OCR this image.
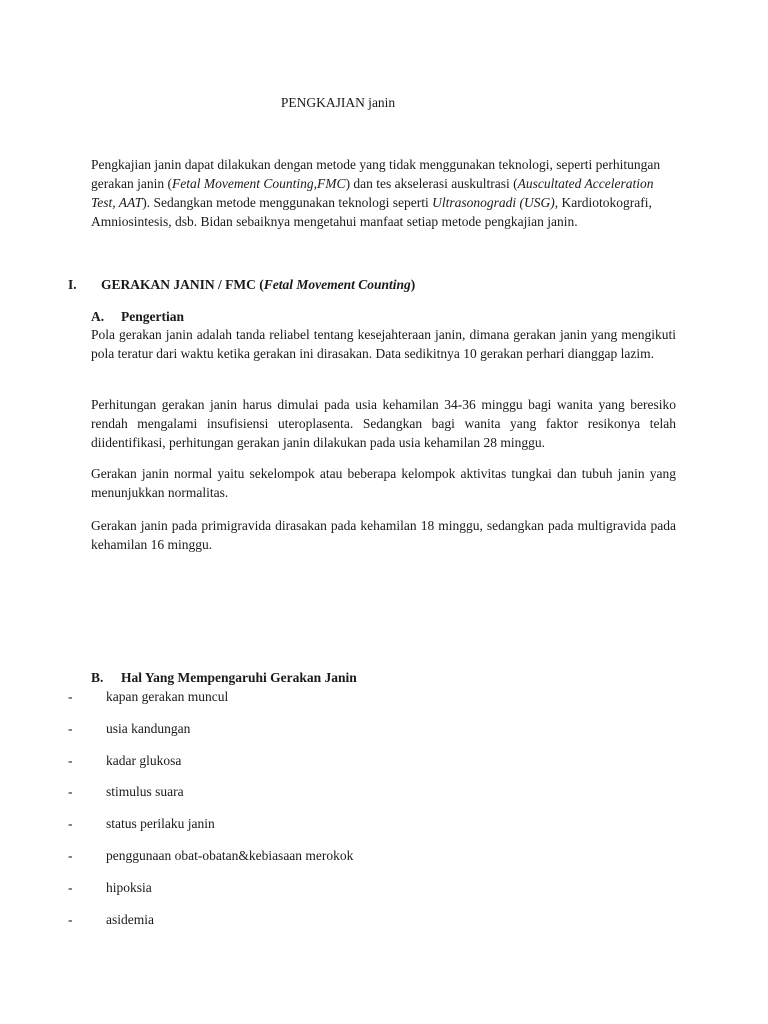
PENGKAJIAN janin

Pengkajian janin dapat dilakukan dengan metode yang tidak menggunakan teknologi, seperti perhitungan gerakan janin (Fetal Movement Counting,FMC) dan tes akselerasi auskultrasi (Auscultated Acceleration Test, AAT). Sedangkan metode menggunakan teknologi seperti Ultrasonogradi (USG), Kardiotokografi, Amniosintesis, dsb. Bidan sebaiknya mengetahui manfaat setiap metode pengkajian janin.

I. GERAKAN JANIN / FMC (Fetal Movement Counting)
A. Pengertian

Pola gerakan janin adalah tanda reliabel tentang kesejahteraan janin, dimana gerakan janin yang mengikuti pola teratur dari waktu ketika gerakan ini dirasakan. Data sedikitnya 10 gerakan perhari dianggap lazim.

Perhitungan gerakan janin harus dimulai pada usia kehamilan 34-36 minggu bagi wanita yang beresiko rendah mengalami insufisiensi uteroplasenta. Sedangkan bagi wanita yang faktor resikonya telah diidentifikasi, perhitungan gerakan janin dilakukan pada usia kehamilan 28 minggu.

Gerakan janin normal yaitu sekelompok atau beberapa kelompok aktivitas tungkai dan tubuh janin yang menunjukkan normalitas.

Gerakan janin pada primigravida dirasakan pada kehamilan 18 minggu, sedangkan pada multigravida pada kehamilan 16 minggu.

B. Hal Yang Mempengaruhi Gerakan Janin
- kapan gerakan muncul
- usia kandungan
- kadar glukosa
- stimulus suara
- status perilaku janin
- penggunaan obat-obatan&kebiasaan merokok
- hipoksia
- asidemia
